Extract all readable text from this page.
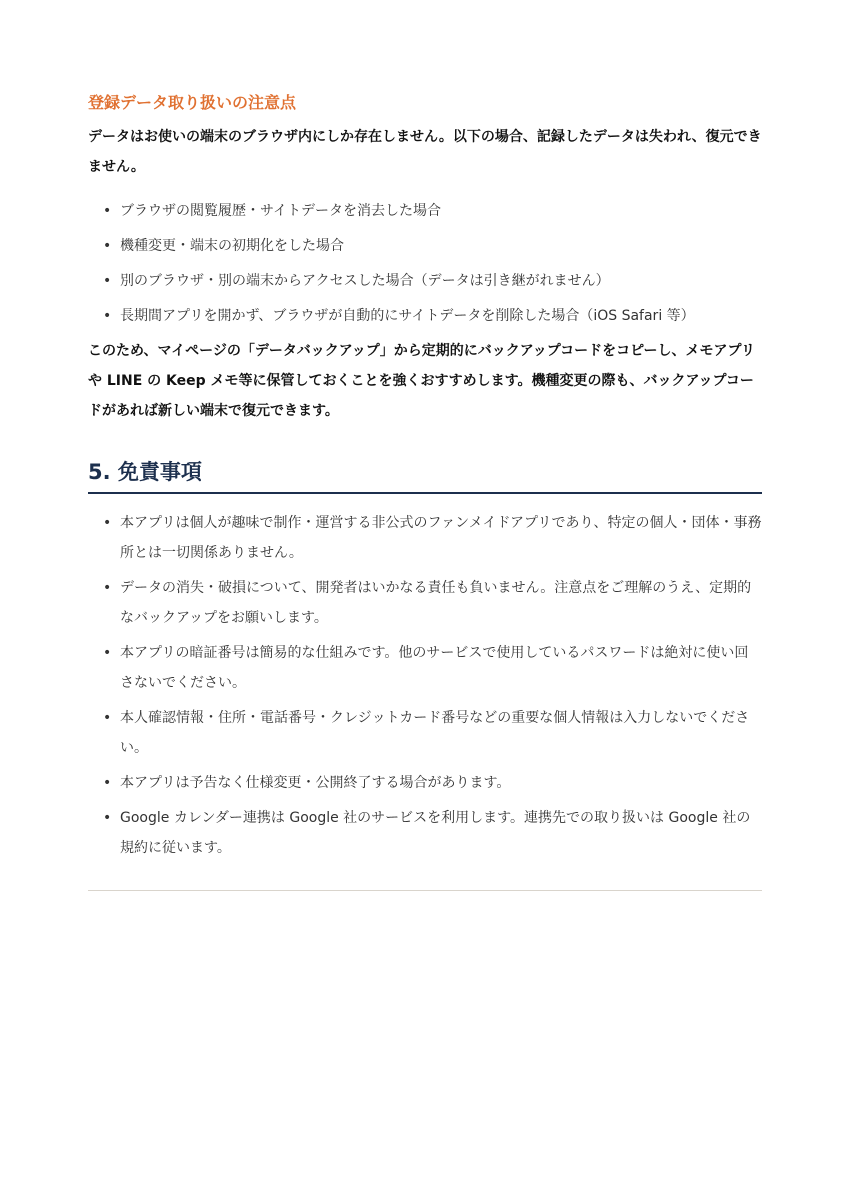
登録データ取り扱いの注意点

データはお使いの端末のブラウザ内にしか存在しません。以下の場合、記録したデータは失われ、復元できません。

• ブラウザの閲覧履歴・サイトデータを消去した場合
• 機種変更・端末の初期化をした場合
• 別のブラウザ・別の端末からアクセスした場合（データは引き継がれません）
• 長期間アプリを開かず、ブラウザが自動的にサイトデータを削除した場合（iOS Safari 等）

このため、マイページの「データバックアップ」から定期的にバックアップコードをコピーし、メモアプリや LINE の Keep メモ等に保管しておくことを強くおすすめします。機種変更の際も、バックアップコードがあれば新しい端末で復元できます。

5. 免責事項
• 本アプリは個人が趣味で制作・運営する非公式のファンメイドアプリであり、特定の個人・団体・事務所とは一切関係ありません。
• データの消失・破損について、開発者はいかなる責任も負いません。注意点をご理解のうえ、定期的なバックアップをお願いします。
• 本アプリの暗証番号は簡易的な仕組みです。他のサービスで使用しているパスワードは絶対に使い回さないでください。
• 本人確認情報・住所・電話番号・クレジットカード番号などの重要な個人情報は入力しないでください。
• 本アプリは予告なく仕様変更・公開終了する場合があります。
• Google カレンダー連携は Google 社のサービスを利用します。連携先での取り扱いは Google 社の規約に従います。
